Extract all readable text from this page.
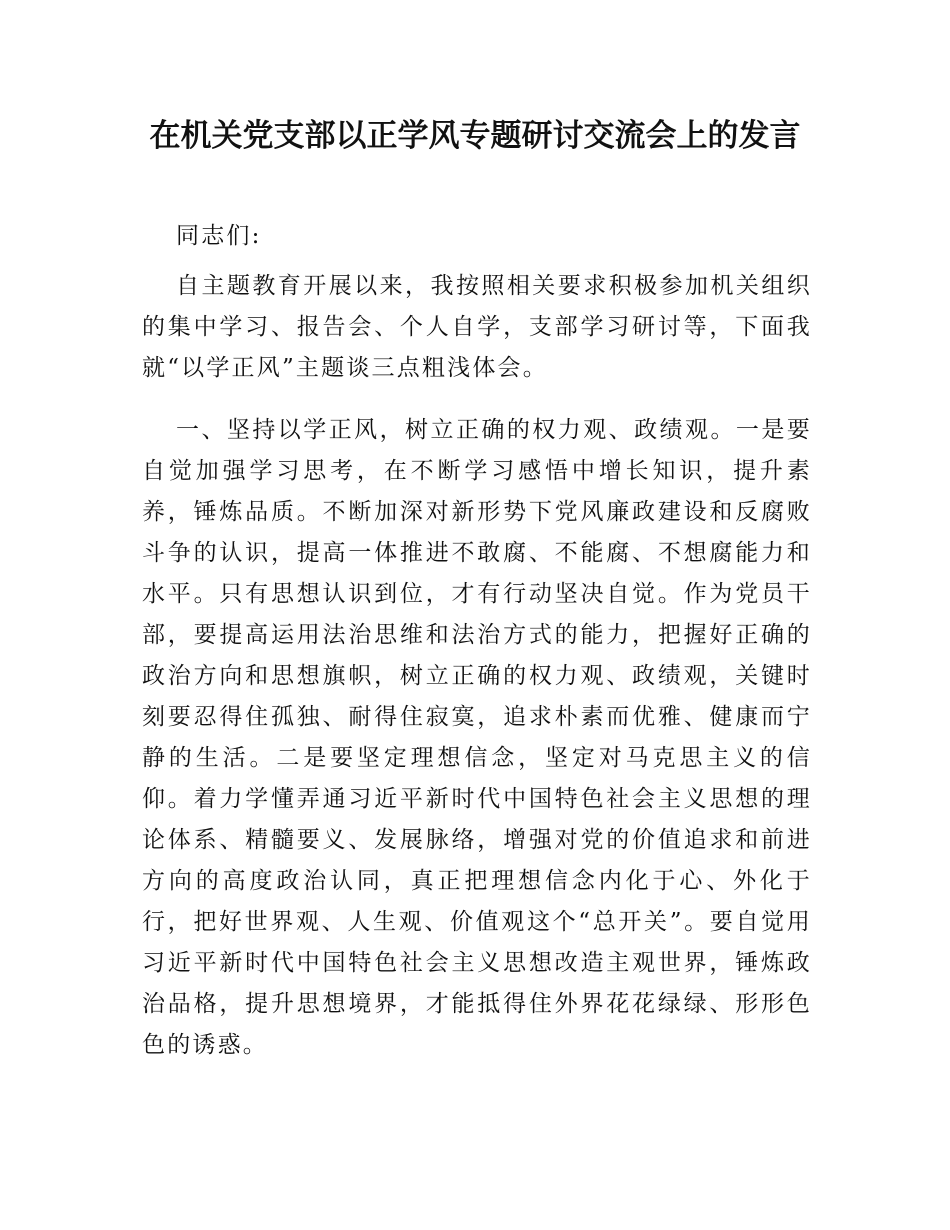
在机关党支部以正学风专题研讨交流会上的发言

同志们:

自主题教育开展以来，我按照相关要求积极参加机关组织的集中学习、报告会、个人自学，支部学习研讨等，下面我就“以学正风”主题谈三点粗浅体会。

一、坚持以学正风，树立正确的权力观、政绩观。一是要自觉加强学习思考，在不断学习感悟中增长知识，提升素养，锤炼品质。不断加深对新形势下党风廉政建设和反腐败斗争的认识，提高一体推进不敢腐、不能腐、不想腐能力和水平。只有思想认识到位，才有行动坚决自觉。作为党员干部，要提高运用法治思维和法治方式的能力，把握好正确的政治方向和思想旗帜，树立正确的权力观、政绩观，关键时刻要忍得住孤独、耐得住寂寞，追求朴素而优雅、健康而宁静的生活。二是要坚定理想信念，坚定对马克思主义的信仰。着力学懂弄通习近平新时代中国特色社会主义思想的理论体系、精髓要义、发展脉络，增强对党的价值追求和前进方向的高度政治认同，真正把理想信念内化于心、外化于行，把好世界观、人生观、价值观这个“总开关”。要自觉用习近平新时代中国特色社会主义思想改造主观世界，锤炼政治品格，提升思想境界，才能抵得住外界花花绿绿、形形色色的诱惑。
